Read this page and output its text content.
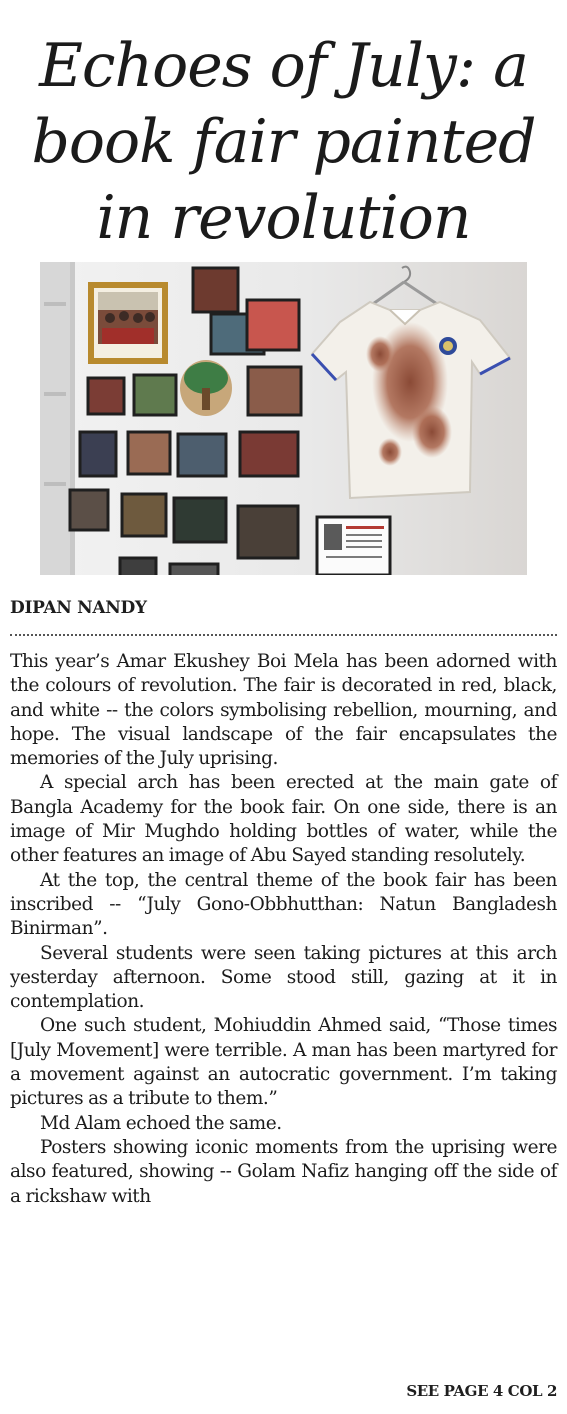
Echoes of July: a
book fair painted
in revolution
DIPAN NANDY

This year’s Amar Ekushey Boi Mela has been adorned with the colours of revolution. The fair is decorated in red, black, and white -- the colors symbolising rebellion, mourning, and hope. The visual landscape of the fair encapsulates the memories of the July uprising.

A special arch has been erected at the main gate of Bangla Academy for the book fair. On one side, there is an image of Mir Mughdo holding bottles of water, while the other features an image of Abu Sayed standing resolutely.

At the top, the central theme of the book fair has been inscribed -- “July Gono-Obbhutthan: Natun Bangladesh Binirman”.

Several students were seen taking pictures at this arch yesterday afternoon. Some stood still, gazing at it in contemplation.

One such student, Mohiuddin Ahmed said, “Those times [July Movement] were terrible. A man has been martyred for a movement against an autocratic government. I’m taking pictures as a tribute to them.”

Md Alam echoed the same.

Posters showing iconic moments from the uprising were also featured, showing -- Golam Nafiz hanging off the side of a rickshaw with

SEE PAGE 4 COL 2
